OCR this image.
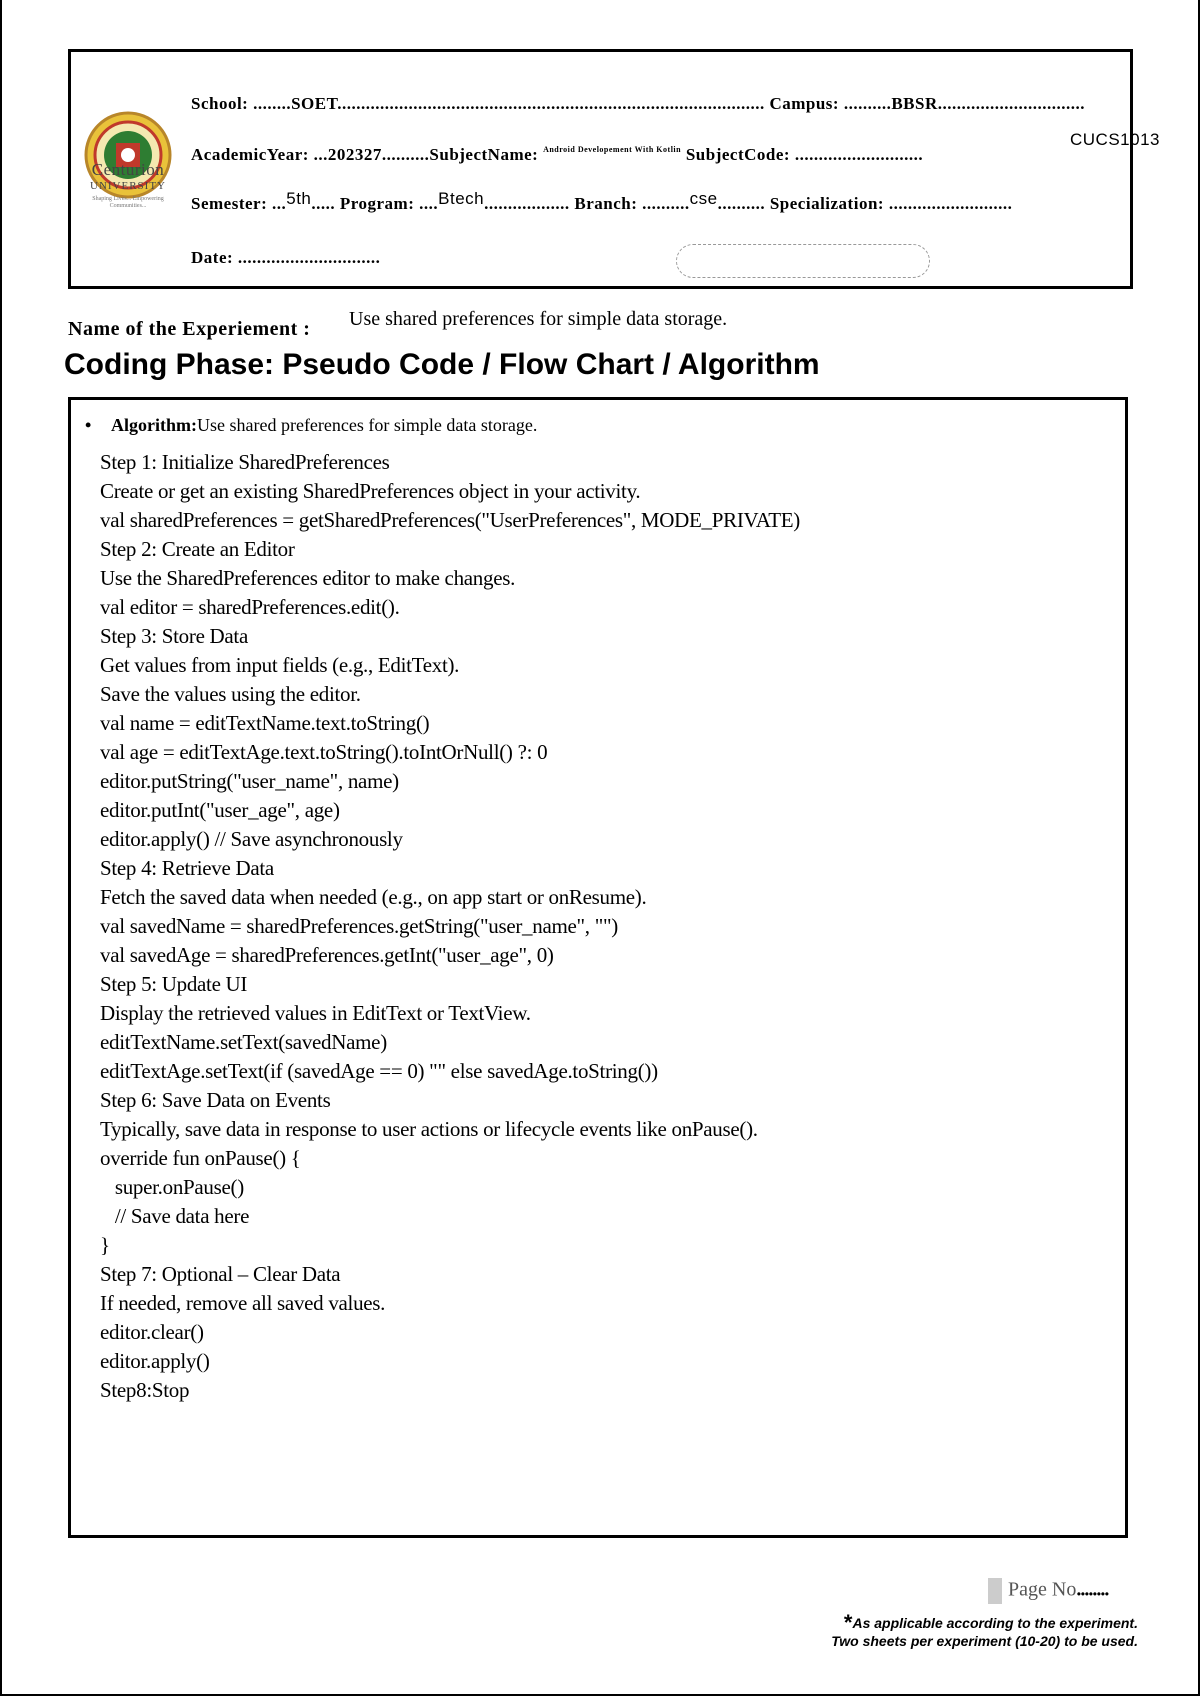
Centurion
UNIVERSITY
Shaping Lives... Empowering Communities...
School: ........SOET.......................................................................................... Campus: ..........BBSR...............................
AcademicYear: ...202327..........SubjectName: $^{Android Developement With Kotlin}$ SubjectCode: ...........................
CUCS1013
Semester: ...5th..... Program: ....Btech.................. Branch: ..........cse.......... Specialization: ..........................
Date: ..............................
Name of the Experiement : Use shared preferences for simple data storage.
Coding Phase: Pseudo Code / Flow Chart / Algorithm
• Algorithm:Use shared preferences for simple data storage.
Step 1: Initialize SharedPreferences
Create or get an existing SharedPreferences object in your activity.
val sharedPreferences = getSharedPreferences("UserPreferences", MODE_PRIVATE)
Step 2: Create an Editor
Use the SharedPreferences editor to make changes.
val editor = sharedPreferences.edit().
Step 3: Store Data
Get values from input fields (e.g., EditText).
Save the values using the editor.
val name = editTextName.text.toString()
val age = editTextAge.text.toString().toIntOrNull() ?: 0
editor.putString("user_name", name)
editor.putInt("user_age", age)
editor.apply() // Save asynchronously
Step 4: Retrieve Data
Fetch the saved data when needed (e.g., on app start or onResume).
val savedName = sharedPreferences.getString("user_name", "")
val savedAge = sharedPreferences.getInt("user_age", 0)
Step 5: Update UI
Display the retrieved values in EditText or TextView.
editTextName.setText(savedName)
editTextAge.setText(if (savedAge == 0) "" else savedAge.toString())
Step 6: Save Data on Events
Typically, save data in response to user actions or lifecycle events like onPause().
override fun onPause() {
super.onPause()
// Save data here
}
Step 7: Optional – Clear Data
If needed, remove all saved values.
editor.clear()
editor.apply()
Step8:Stop
Page No........
*As applicable according to the experiment.
Two sheets per experiment (10-20) to be used.
